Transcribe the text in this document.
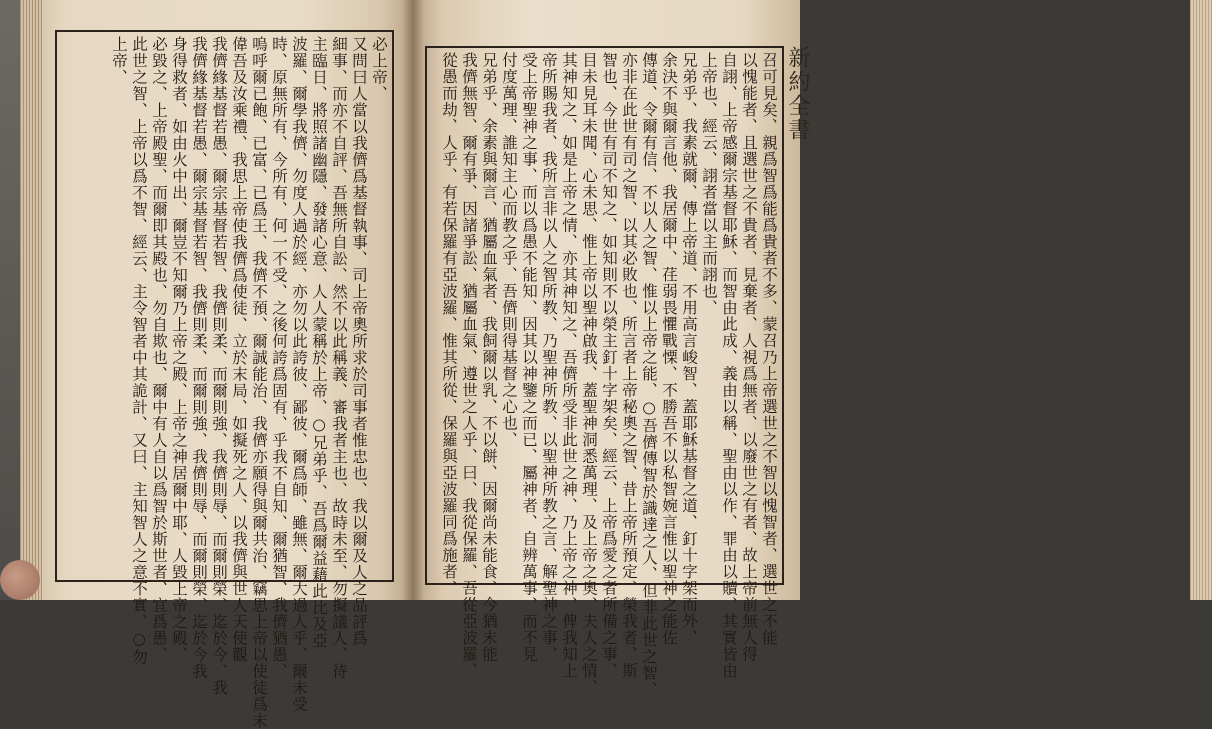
必上帝、
又問曰人當以我儕爲基督執事、司上帝奧所求於司事者惟忠也、我以爾及人之品評爲
細事、而亦不自評、吾無所自訟、然不以此稱義、審我者主也、故時未至、勿擬議人、待
主臨日、將照諸幽隱、發諸心意、人人蒙稱於上帝、○兄弟乎、吾爲爾益藉此比及亞
波羅、爾學我儕、勿度人過於經、亦勿以此誇彼、鄙彼、爾爲師、雖無、爾大過人乎、爾未受
時、原無所有、今所有、何一不受、之後何誇爲固有、乎我不自知、爾猶智、我儕猶愚、
嗚呼爾已飽、已富、已爲王、我儕不預、爾誠能治、我儕亦願得與爾共治、竊思上帝以使徒爲末
偉吾及汝乘禮、我思上帝使我儕爲使徒、立於末局、如擬死之人、以我儕與世人天使觀
我儕緣基督若愚、爾宗基督若智、我儕則柔、而爾則強、我儕則辱、而爾則榮、迄於今、我
我儕緣基督若愚、爾宗基督若智、我儕則柔、而爾則強、我儕則辱、而爾則榮、迄於今我
身得救者、如由火中出、爾豈不知爾乃上帝之殿、上帝之神居爾中耶、人毀上帝之殿、
必毀之、上帝殿聖、而爾即其殿也、勿自欺也、爾中有人自以爲智於斯世者、宜爲愚、
此世之智、上帝以爲不智、經云、主令智者中其詭計、又曰、主知智人之意不實、○勿
上帝、	召可見矣、親爲智爲能爲貴者不多、蒙召乃上帝選世之不智以愧智者、選世之不能
以愧能者、且選世之不貴者、見棄者、人視爲無者、以廢世之有者、故上帝前無人得
自詡、上帝感爾宗基督耶穌、而智由此成、義由以稱、聖由以作、罪由以贖、其實皆由
上帝也、經云、詡者當以主而詡也、
兄弟乎、我素就爾、傳上帝道、不用高言峻智、蓋耶穌基督之道、釘十字架而外、
余決不與爾言他、我居爾中、荏弱畏懼戰慄、不勝吾不以私智婉言惟以聖神之能佐
傳道、令爾有信、不以人之智、惟以上帝之能、○吾儕傳智於識達之人、但非此世之智、
亦非在此世有司之智、以其必敗也、所言者上帝秘奧之智、昔上帝所預定、榮我者、斯
智也、今世有司不知之、如知則不以榮主釘十字架矣、經云、上帝爲愛之者所備之事、
目未見耳未聞、心未思、惟上帝以聖神啟我、蓋聖神洞悉萬理、及上帝之奧、夫人之情、
其神知之、如是上帝之情、亦其神知之、吾儕所受非此世之神、乃上帝之神、俾我知上
帝所賜我者、我所言非以人之智所教、乃聖神所教、以聖神所教之言、解聖神之事、
受上帝聖神之事、而以爲愚不能知、因其以神鑒之而已、屬神者、自辨萬事、而不見
付度萬理、誰知主心而教之乎、吾儕則得基督之心也、
兄弟乎、余素與爾言、猶屬血氣者、我飼爾以乳、不以餅、因爾尚未能食、今猶未能
我儕無智、爾有爭、因諸爭訟、猶屬血氣、遵世之人乎、曰、我從保羅、吾從亞波羅、
從愚而劫、人乎、有若保羅有亞波羅、惟其所從、保羅與亞波羅同爲施者、	新約全書
